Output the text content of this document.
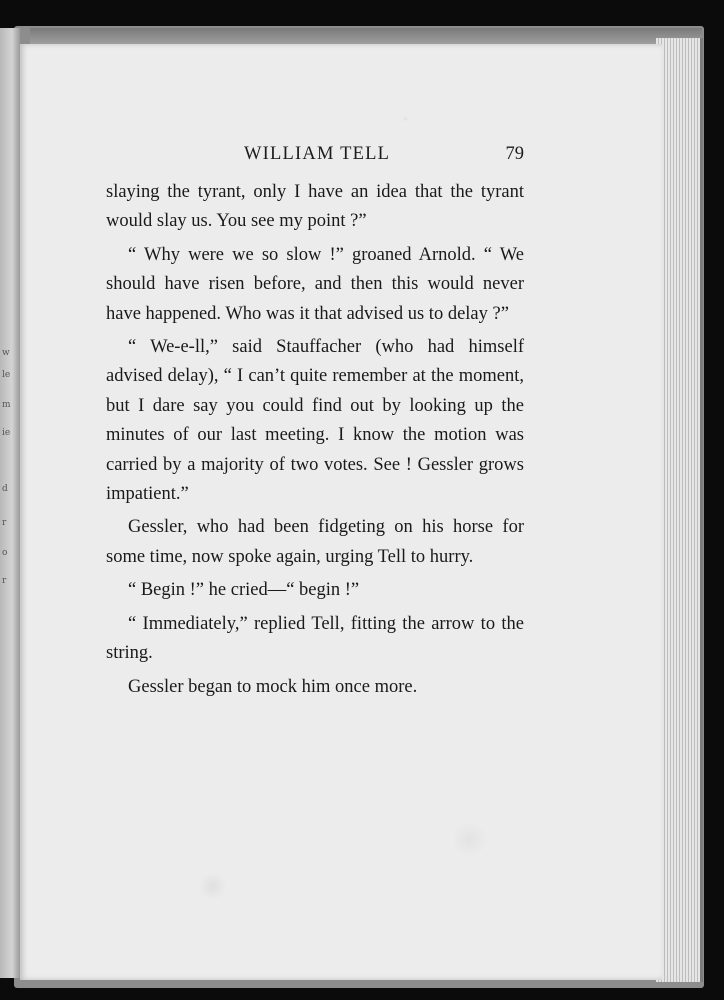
w
le
m
ie
d
r
o
r
WILLIAM TELL	79

slaying the tyrant, only I have an idea that the tyrant would slay us. You see my point ?”

“ Why were we so slow !” groaned Arnold. “ We should have risen before, and then this would never have happened. Who was it that advised us to delay ?”

“ We-e-ll,” said Stauffacher (who had himself advised delay), “ I can’t quite remember at the moment, but I dare say you could find out by looking up the minutes of our last meeting. I know the motion was carried by a majority of two votes. See ! Gessler grows impatient.”

Gessler, who had been fidgeting on his horse for some time, now spoke again, urging Tell to hurry.

“ Begin !” he cried—“ begin !”

“ Immediately,” replied Tell, fitting the arrow to the string.

Gessler began to mock him once more.
